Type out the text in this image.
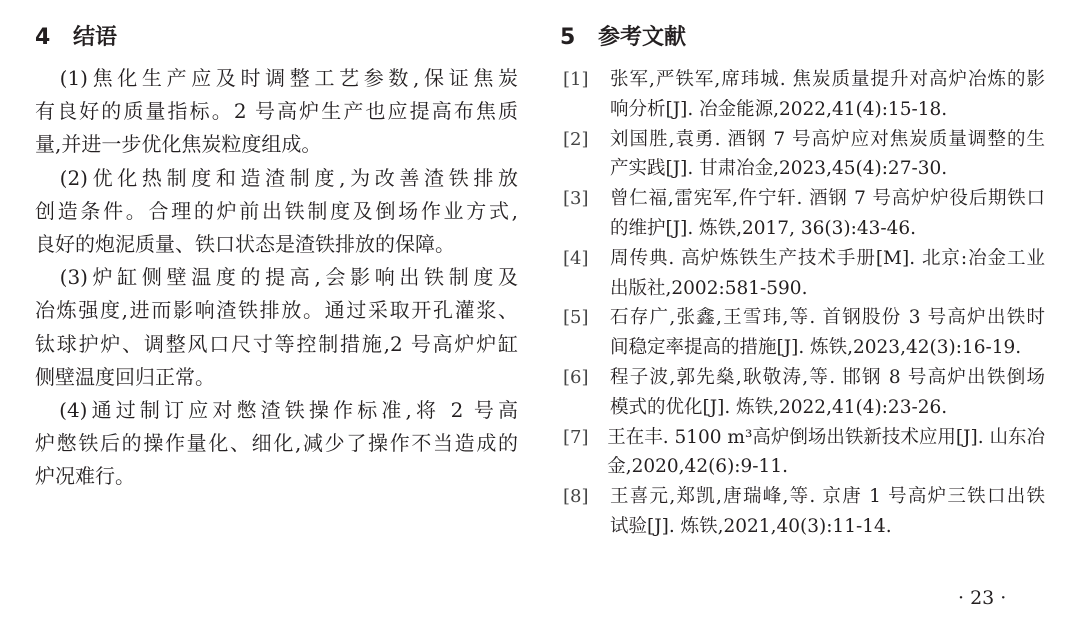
4 结语
　(1)焦化生产应及时调整工艺参数,保证焦炭
有良好的质量指标。2 号高炉生产也应提高布焦质
量,并进一步优化焦炭粒度组成。
　(2)优化热制度和造渣制度,为改善渣铁排放
创造条件。合理的炉前出铁制度及倒场作业方式,
良好的炮泥质量、铁口状态是渣铁排放的保障。
　(3)炉缸侧壁温度的提高,会影响出铁制度及
冶炼强度,进而影响渣铁排放。通过采取开孔灌浆、
钛球护炉、调整风口尺寸等控制措施,2 号高炉炉缸
侧壁温度回归正常。
　(4)通过制订应对憋渣铁操作标准,将 2 号高
炉憋铁后的操作量化、细化,减少了操作不当造成的
炉况难行。
5 参考文献
[1]	张军,严铁军,席玮城. 焦炭质量提升对高炉冶炼的影
响分析[J]. 冶金能源,2022,41(4):15-18.
[2]	刘国胜,袁勇. 酒钢 7 号高炉应对焦炭质量调整的生
产实践[J]. 甘肃冶金,2023,45(4):27-30.
[3]	曾仁福,雷宪军,仵宁轩. 酒钢 7 号高炉炉役后期铁口
的维护[J]. 炼铁,2017, 36(3):43-46.
[4]	周传典. 高炉炼铁生产技术手册[M]. 北京:冶金工业
出版社,2002:581-590.
[5]	石存广,张鑫,王雪玮,等. 首钢股份 3 号高炉出铁时
间稳定率提高的措施[J]. 炼铁,2023,42(3):16-19.
[6]	程子波,郭先燊,耿敬涛,等. 邯钢 8 号高炉出铁倒场
模式的优化[J]. 炼铁,2022,41(4):23-26.
[7]	王在丰. 5100 m³高炉倒场出铁新技术应用[J]. 山东冶
金,2020,42(6):9-11.
[8]	王喜元,郑凯,唐瑞峰,等. 京唐 1 号高炉三铁口出铁
试验[J]. 炼铁,2021,40(3):11-14.
· 23 ·
